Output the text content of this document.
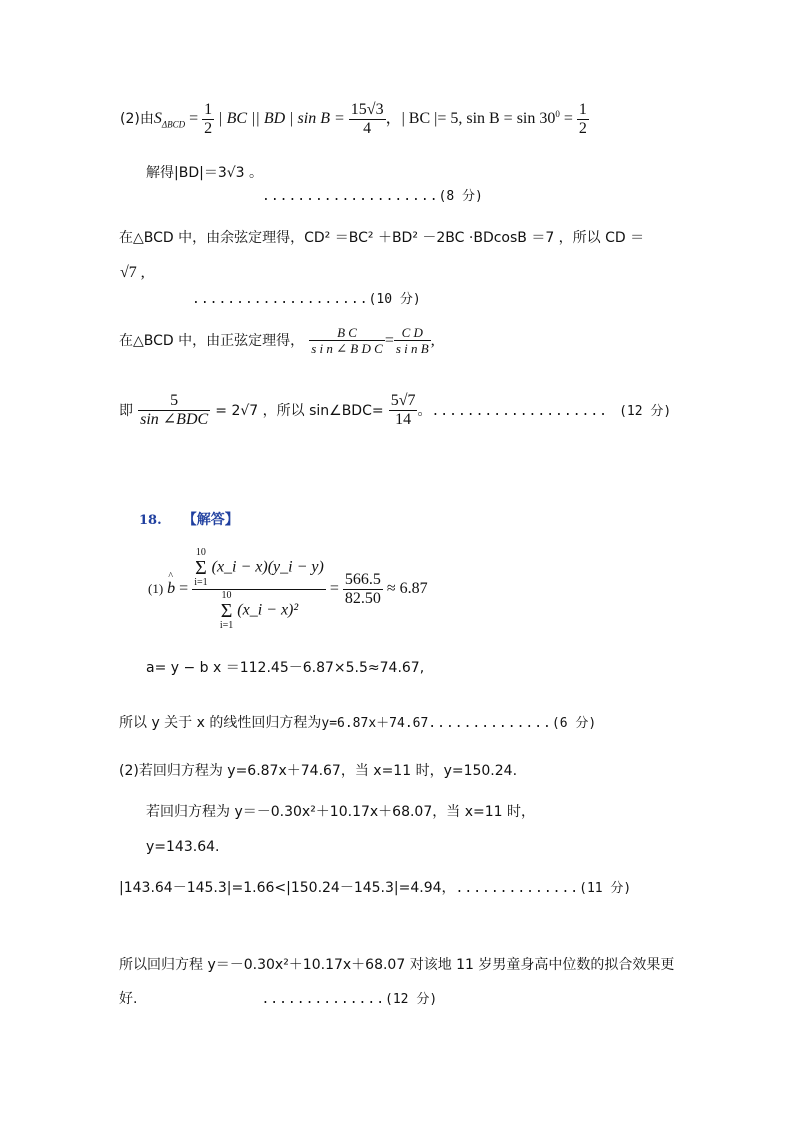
(2)由$S_{\Delta BCD} = \frac{1}{2}$ | BC || BD | $\sin B = \frac{15√3}{4}$ ，| BC |= 5, $\sin B = \sin 30^0 = \frac{1}{2}$
解得|BD|＝3√3 。
....................(8 分)
在△BCD 中，由余弦定理得，CD² ＝BC² ＋BD² －2BC ·BDcosB ＝7 ，所以 CD ＝
√7 ,
....................(10 分)
在△BCD 中，由正弦定理得， $\frac{\text{B C}}{\text{s i n ∠ B D C}} = \frac{\text{C D}}{\text{s i n B}}$ ,
即 $\frac{5}{\text{sin ∠BDC}} = 2√7$ ，所以 sin∠BDC= $\frac{5√7}{14}$ 。.................... (12 分)
18. 【解答】
(1) ^ b =
10
Σ
i=1 (x_i − x)(y_i − y)
10
Σ
i=1 (x_i − x)²
= $\frac{566.5}{82.50} \approx 6.87$
a= y − b x ＝112.45－6.87×5.5≈74.67,
所以 y 关于 x 的线性回归方程为y=6.87x＋74.67..............(6 分)
(2)若回归方程为 y=6.87x＋74.67，当 x=11 时，y=150.24.
若回归方程为 y＝－0.30x²＋10.17x＋68.07，当 x=11 时，
y=143.64.
|143.64－145.3|=1.66<|150.24－145.3|=4.94，..............(11 分)
所以回归方程 y＝－0.30x²＋10.17x＋68.07 对该地 11 岁男童身高中位数的拟合效果更
好.	..............(12 分)
